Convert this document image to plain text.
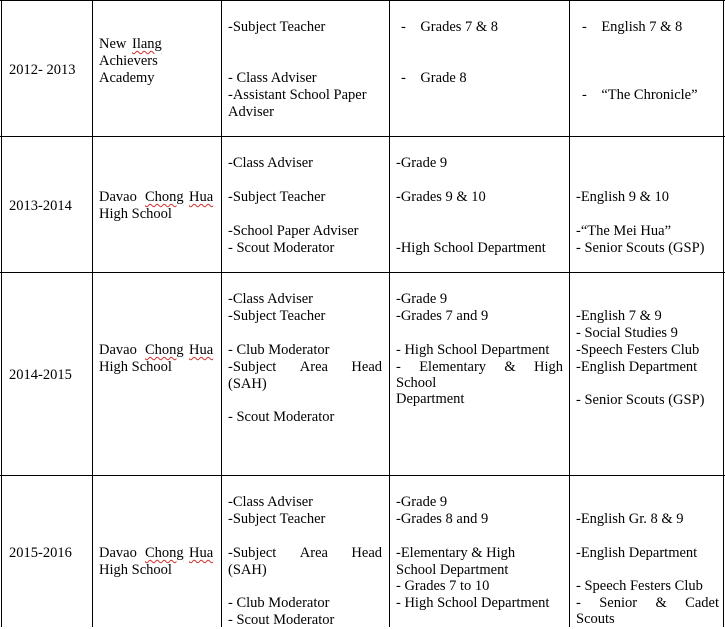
2012- 2013
New Ilang
Achievers
Academy
-Subject Teacher
- Class Adviser
-Assistant School Paper
Adviser
-    Grades 7 & 8
-    Grade 8
-    English 7 & 8
-    “The Chronicle”
2013-2014
Davao Chong Hua
High School
-Class Adviser
-Subject Teacher
-School Paper Adviser
- Scout Moderator
-Grade 9
-Grades 9 & 10
-High School Department
-English 9 & 10
-“The Mei Hua”
- Senior Scouts (GSP)
2014-2015
Davao Chong Hua
High School
-Class Adviser
-Subject Teacher
- Club Moderator
-Subject Area Head
(SAH)
- Scout Moderator
-Grade 9
-Grades 7 and 9
- High School Department
- Elementary & High
School
Department
-English 7 & 9
- Social Studies 9
-Speech Festers Club
-English Department
- Senior Scouts (GSP)
2015-2016 Davao Chong Hua
High School
-Class Adviser
-Subject Teacher
-Subject Area Head
(SAH)
- Club Moderator
- Scout Moderator
-Grade 9
-Grades 8 and 9
-Elementary & High
School Department
- Grades 7 to 10
- High School Department
-English Gr. 8 & 9
-English Department
- Speech Festers Club
- Senior & Cadet
Scouts
